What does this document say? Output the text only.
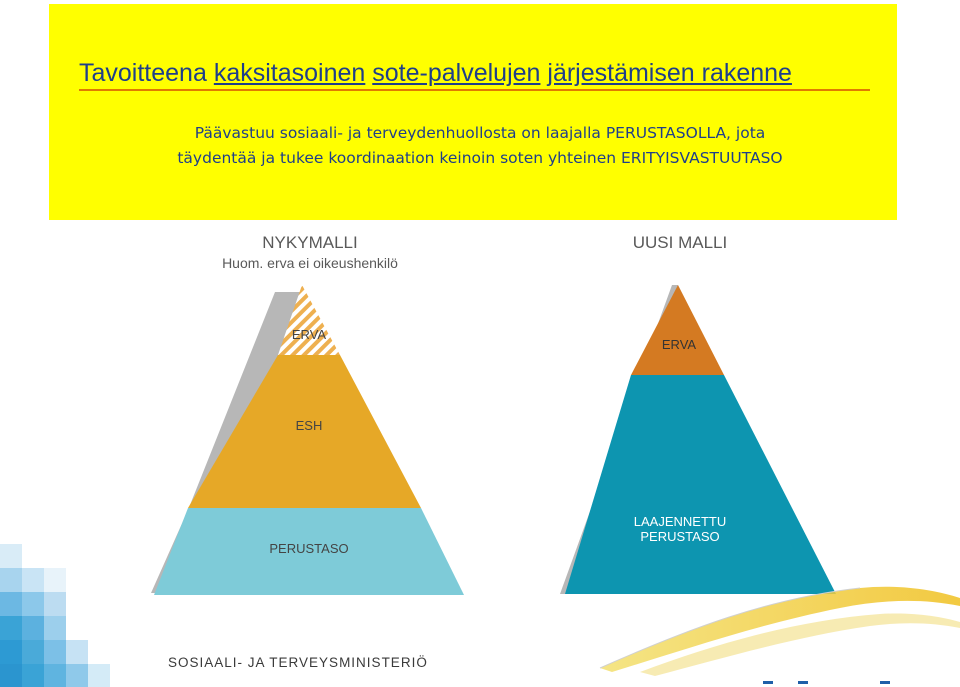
Tavoitteena kaksitasoinen sote-palvelujen järjestämisen rakenne
Päävastuu sosiaali- ja terveydenhuollosta on laajalla PERUSTASOLLA, jota
täydentää ja tukee koordinaation keinoin soten yhteinen ERITYISVASTUUTASO
NYKYMALLI
Huom. erva ei oikeushenkilö
UUSI MALLI
ERVA
ESH
PERUSTASO
ERVA
LAAJENNETTU
PERUSTASO
SOSIAALI- JA TERVEYSMINISTERIÖ
